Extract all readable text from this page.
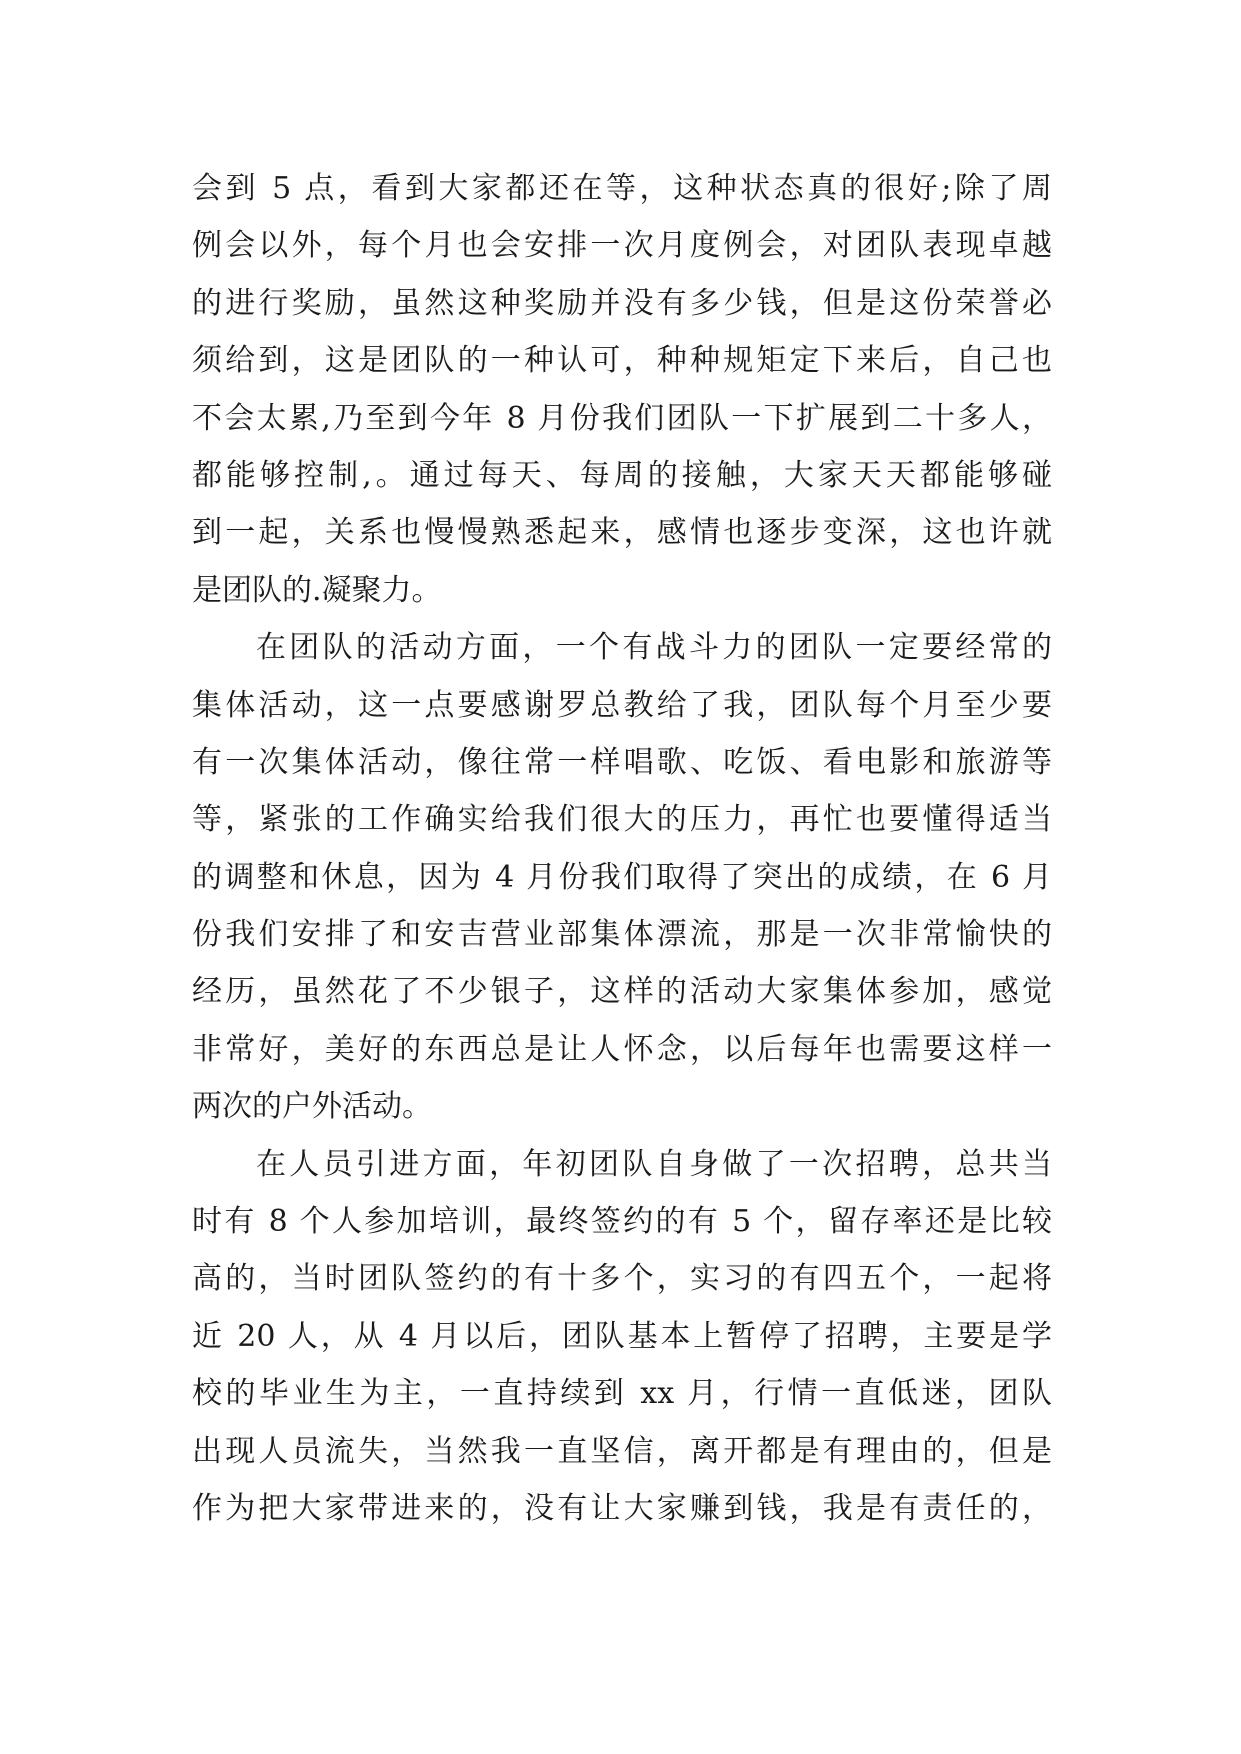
会到 5 点，看到大家都还在等，这种状态真的很好;除了周
例会以外，每个月也会安排一次月度例会，对团队表现卓越
的进行奖励，虽然这种奖励并没有多少钱，但是这份荣誉必
须给到，这是团队的一种认可，种种规矩定下来后，自己也
不会太累,乃至到今年 8 月份我们团队一下扩展到二十多人，
都能够控制,。通过每天、每周的接触，大家天天都能够碰
到一起，关系也慢慢熟悉起来，感情也逐步变深，这也许就
是团队的.凝聚力。
在团队的活动方面，一个有战斗力的团队一定要经常的
集体活动，这一点要感谢罗总教给了我，团队每个月至少要
有一次集体活动，像往常一样唱歌、吃饭、看电影和旅游等
等，紧张的工作确实给我们很大的压力，再忙也要懂得适当
的调整和休息，因为 4 月份我们取得了突出的成绩，在 6 月
份我们安排了和安吉营业部集体漂流，那是一次非常愉快的
经历，虽然花了不少银子，这样的活动大家集体参加，感觉
非常好，美好的东西总是让人怀念，以后每年也需要这样一
两次的户外活动。
在人员引进方面，年初团队自身做了一次招聘，总共当
时有 8 个人参加培训，最终签约的有 5 个，留存率还是比较
高的，当时团队签约的有十多个，实习的有四五个，一起将
近 20 人，从 4 月以后，团队基本上暂停了招聘，主要是学
校的毕业生为主，一直持续到 xx 月，行情一直低迷，团队
出现人员流失，当然我一直坚信，离开都是有理由的，但是
作为把大家带进来的，没有让大家赚到钱，我是有责任的，
